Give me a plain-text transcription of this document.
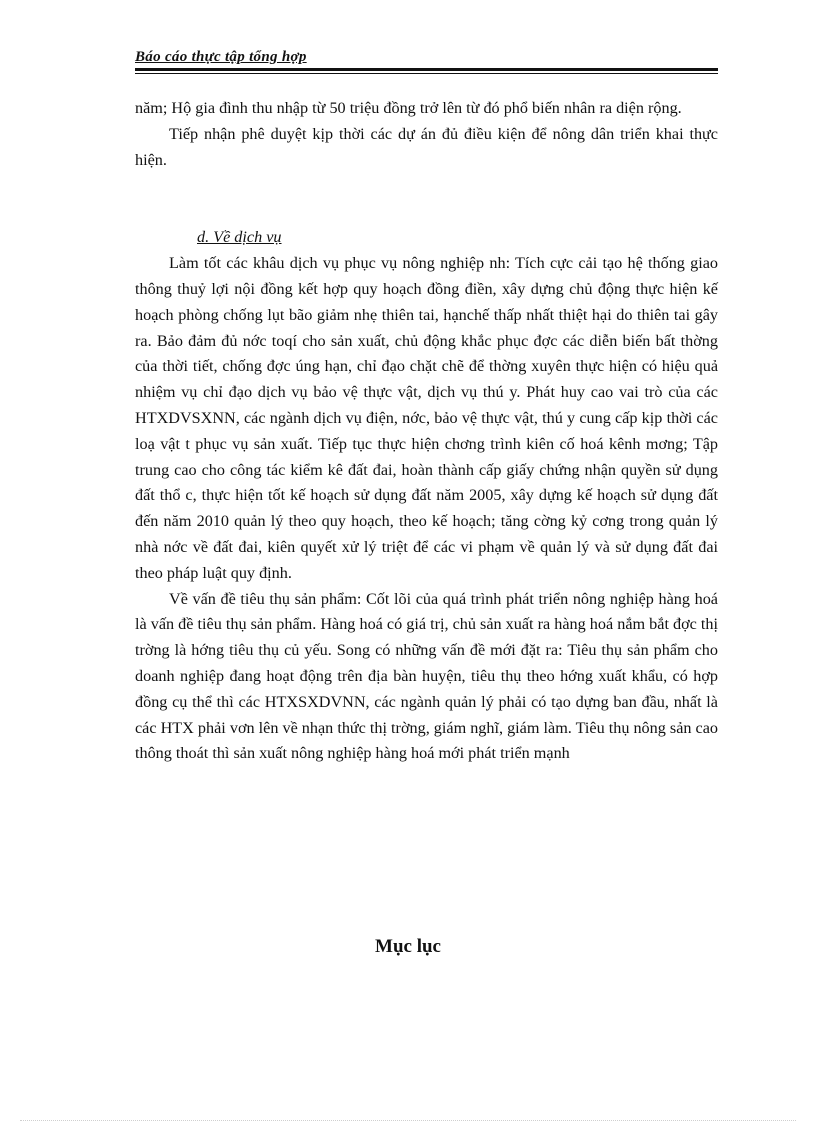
Báo cáo thực tập tổng hợp

năm; Hộ gia đình thu nhập từ 50 triệu đồng trở lên từ đó phổ biến nhân ra diện rộng.

Tiếp nhận phê duyệt kịp thời các dự án đủ điều kiện để nông dân triển khai thực hiện.

d. Về dịch vụ

Làm tốt các khâu dịch vụ phục vụ nông nghiệp nh: Tích cực cải tạo hệ thống giao thông thuỷ lợi nội đồng kết hợp quy hoạch đồng điền, xây dựng chủ động thực hiện kế hoạch phòng chống lụt bão giảm nhẹ thiên tai, hạnchế thấp nhất thiệt hại do thiên tai gây ra. Bảo đảm đủ nớc toqí cho sản xuất, chủ động khắc phục đợc các diễn biến bất thờng của thời tiết, chống đợc úng hạn, chỉ đạo chặt chẽ để thờng xuyên thực hiện có hiệu quả nhiệm vụ chỉ đạo dịch vụ bảo vệ thực vật, dịch vụ thú y. Phát huy cao vai trò của các HTXDVSXNN, các ngành dịch vụ điện, nớc, bảo vệ thực vật, thú y cung cấp kịp thời các loạ vật t phục vụ sản xuất. Tiếp tục thực hiện chơng trình kiên cố hoá kênh mơng; Tập trung cao cho công tác kiểm kê đất đai, hoàn thành cấp giấy chứng nhận quyền sử dụng đất thổ c, thực hiện tốt kế hoạch sử dụng đất năm 2005, xây dựng kế hoạch sử dụng đất đến năm 2010 quản lý theo quy hoạch, theo kế hoạch; tăng cờng kỷ cơng trong quản lý nhà nớc về đất đai, kiên quyết xử lý triệt để các vi phạm về quản lý và sử dụng đất đai theo pháp luật quy định.

Về vấn đề tiêu thụ sản phẩm: Cốt lõi của quá trình phát triển nông nghiệp hàng hoá là vấn đề tiêu thụ sản phẩm. Hàng hoá có giá trị, chủ sản xuất ra hàng hoá nắm bắt đợc thị trờng là hớng tiêu thụ củ yếu. Song có những vấn đề mới đặt ra: Tiêu thụ sản phẩm cho doanh nghiệp đang hoạt động trên địa bàn huyện, tiêu thụ theo hớng xuất khẩu, có hợp đồng cụ thể thì các HTXSXDVNN, các ngành quản lý phải có tạo dựng ban đầu, nhất là các HTX phải vơn lên về nhạn thức thị trờng, giám nghĩ, giám làm. Tiêu thụ nông sản cao thông thoát thì sản xuất nông nghiệp hàng hoá mới phát triển mạnh

Mục lục
